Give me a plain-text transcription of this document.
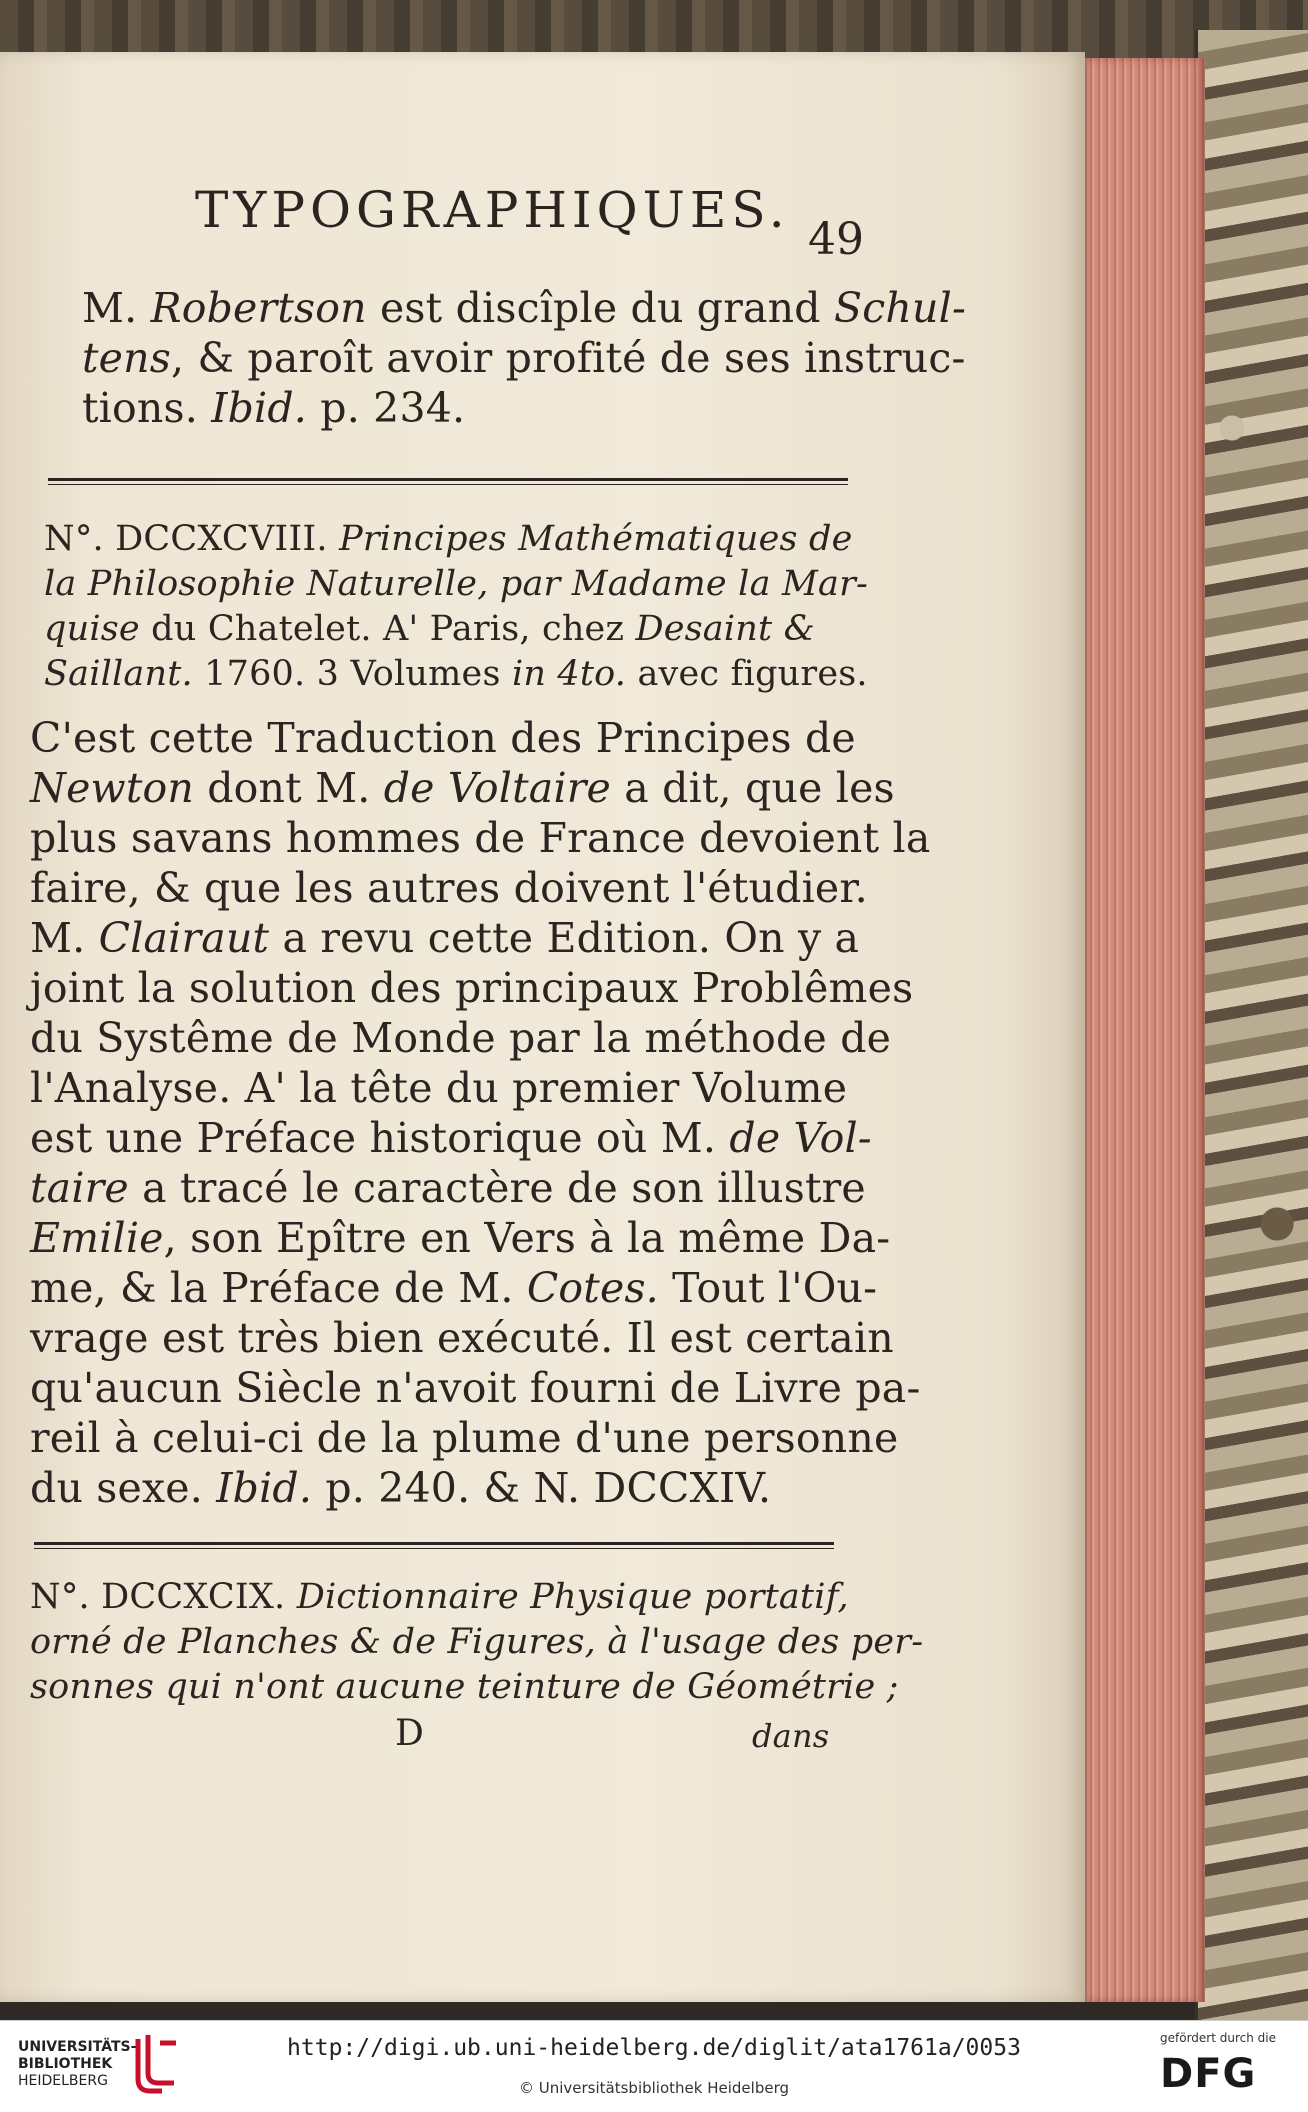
TYPOGRAPHIQUES.
49
M. Robertson est discîple du grand Schul-
tens, & paroît avoir profité de ses instruc-
tions. Ibid. p. 234.
N°. DCCXCVIII. Principes Mathématiques de
la Philosophie Naturelle, par Madame la Mar-
quise du Chatelet. A' Paris, chez Desaint &
Saillant. 1760. 3 Volumes in 4to. avec figures.
C'est cette Traduction des Principes de
Newton dont M. de Voltaire a dit, que les
plus savans hommes de France devoient la
faire, & que les autres doivent l'étudier.
M. Clairaut a revu cette Edition. On y a
joint la solution des principaux Problêmes
du Systême de Monde par la méthode de
l'Analyse. A' la tête du premier Volume
est une Préface historique où M. de Vol-
taire a tracé le caractère de son illustre
Emilie, son Epître en Vers à la même Da-
me, & la Préface de M. Cotes. Tout l'Ou-
vrage est très bien exécuté. Il est certain
qu'aucun Siècle n'avoit fourni de Livre pa-
reil à celui-ci de la plume d'une personne
du sexe. Ibid. p. 240. & N. DCCXIV.
N°. DCCXCIX. Dictionnaire Physique portatif,
orné de Planches & de Figures, à l'usage des per-
sonnes qui n'ont aucune teinture de Géométrie ;
D	dans
UNIVERSITÄTS-
BIBLIOTHEK
HEIDELBERG
http://digi.ub.uni-heidelberg.de/diglit/ata1761a/0053
© Universitätsbibliothek Heidelberg
gefördert durch die
DFG
